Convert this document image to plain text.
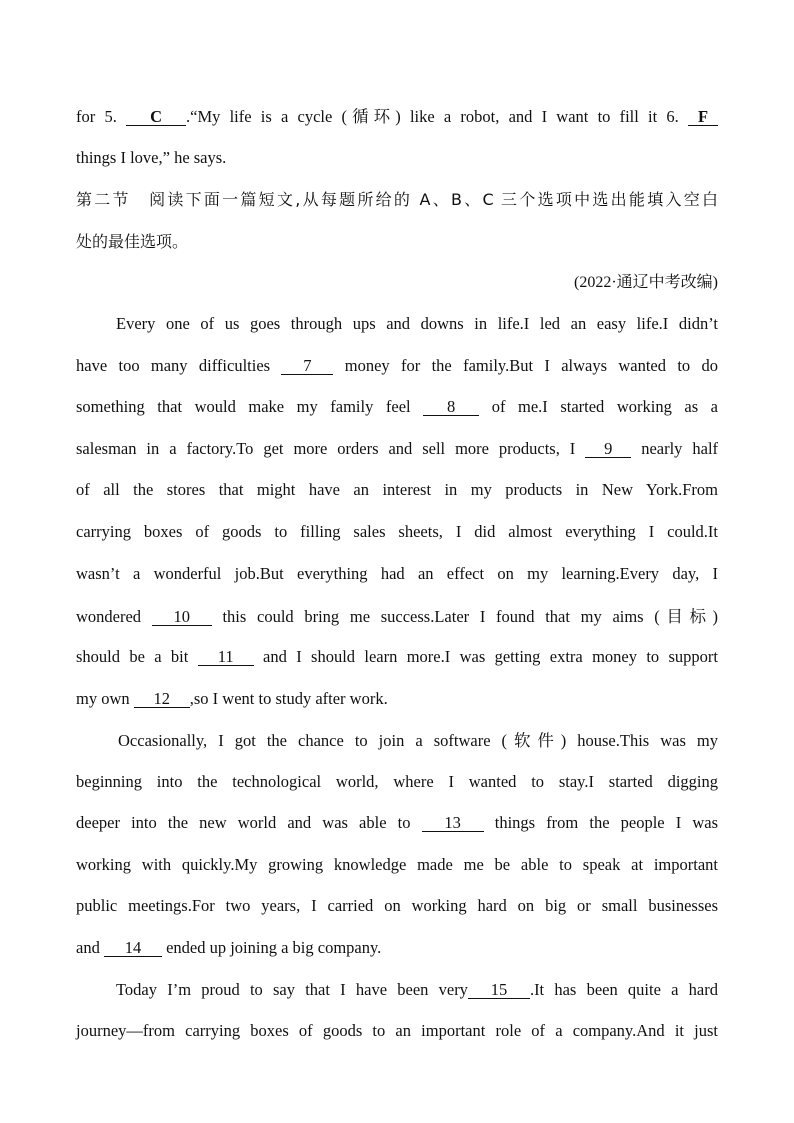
for 5. C .“My life is a cycle (循环) like a robot, and I want to fill it 6. F
things I love,” he says.
第二节　阅读下面一篇短文,从每题所给的 A、B、C 三个选项中选出能填入空白
处的最佳选项。
(2022·通辽中考改编)
Every one of us goes through ups and downs in life.I led an easy life.I didn’t
have too many difficulties 7 money for the family.But I always wanted to do
something that would make my family feel 8 of me.I started working as a
salesman in a factory.To get more orders and sell more products, I 9 nearly half
of all the stores that might have an interest in my products in New York.From
carrying boxes of goods to filling sales sheets, I did almost everything I could.It
wasn’t a wonderful job.But everything had an effect on my learning.Every day, I
wondered 10 this could bring me success.Later I found that my aims (目标)
should be a bit 11 and I should learn more.I was getting extra money to support
my own 12 ,so I went to study after work.
Occasionally, I got the chance to join a software (软件) house.This was my
beginning into the technological world, where I wanted to stay.I started digging
deeper into the new world and was able to 13 things from the people I was
working with quickly.My growing knowledge made me be able to speak at important
public meetings.For two years, I carried on working hard on big or small businesses
and 14 ended up joining a big company.
Today I’m proud to say that I have been very 15 .It has been quite a hard
journey—from carrying boxes of goods to an important role of a company.And it just
